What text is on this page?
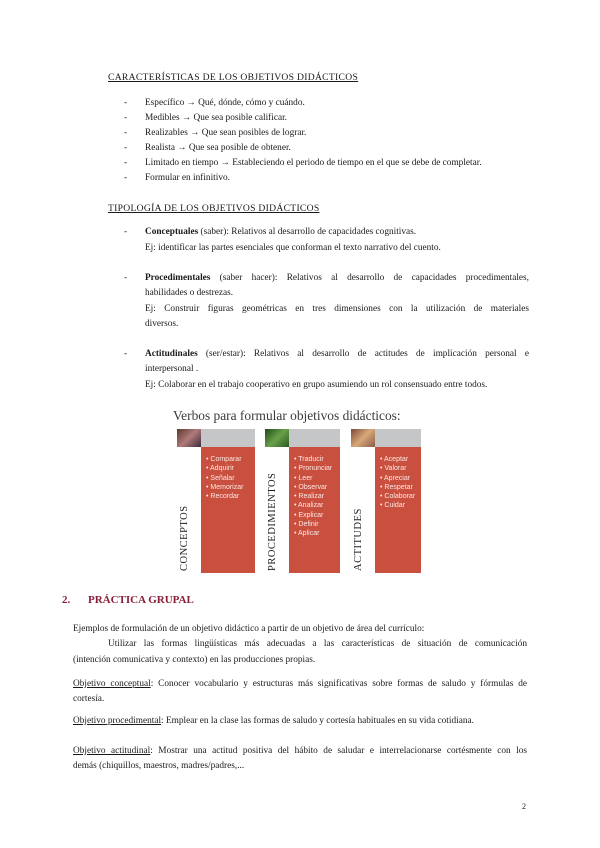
CARACTERÍSTICAS DE LOS OBJETIVOS DIDÁCTICOS
- Específico → Qué, dónde, cómo y cuándo.
- Medibles → Que sea posible calificar.
- Realizables → Que sean posibles de lograr.
- Realista → Que sea posible de obtener.
- Limitado en tiempo → Estableciendo el periodo de tiempo en el que se debe de completar.
- Formular en infinitivo.
TIPOLOGÍA DE LOS OBJETIVOS DIDÁCTICOS
- Conceptuales (saber): Relativos al desarrollo de capacidades cognitivas.
Ej: identificar las partes esenciales que conforman el texto narrativo del cuento.
- Procedimentales (saber hacer): Relativos al desarrollo de capacidades procedimentales,
habilidades o destrezas.
Ej: Construir figuras geométricas en tres dimensiones con la utilización de materiales
diversos.
- Actitudinales (ser/estar): Relativos al desarrollo de actitudes de implicación personal e
interpersonal .
Ej: Colaborar en el trabajo cooperativo en grupo asumiendo un rol consensuado entre todos.
Verbos para formular objetivos didácticos:
CONCEPTOS
• Comparar
• Adquirir
• Señalar
• Memorizar
• Recordar	PROCEDIMIENTOS
• Traducir
• Pronunciar
• Leer
• Observar
• Realizar
• Analizar
• Explicar
• Definir
• Aplicar	ACTITUDES
• Aceptar
• Valorar
• Apreciar
• Respetar
• Colaborar
• Cuidar
2. PRÁCTICA GRUPAL
Ejemplos de formulación de un objetivo didáctico a partir de un objetivo de área del currículo:
Utilizar las formas lingüísticas más adecuadas a las características de situación de comunicación
(intención comunicativa y contexto) en las producciones propias.
Objetivo conceptual: Conocer vocabulario y estructuras más significativas sobre formas de saludo y fórmulas de
cortesía.
Objetivo procedimental: Emplear en la clase las formas de saludo y cortesía habituales en su vida cotidiana.
Objetivo actitudinal: Mostrar una actitud positiva del hábito de saludar e interrelacionarse cortésmente con los
demás (chiquillos, maestros, madres/padres,...
2
